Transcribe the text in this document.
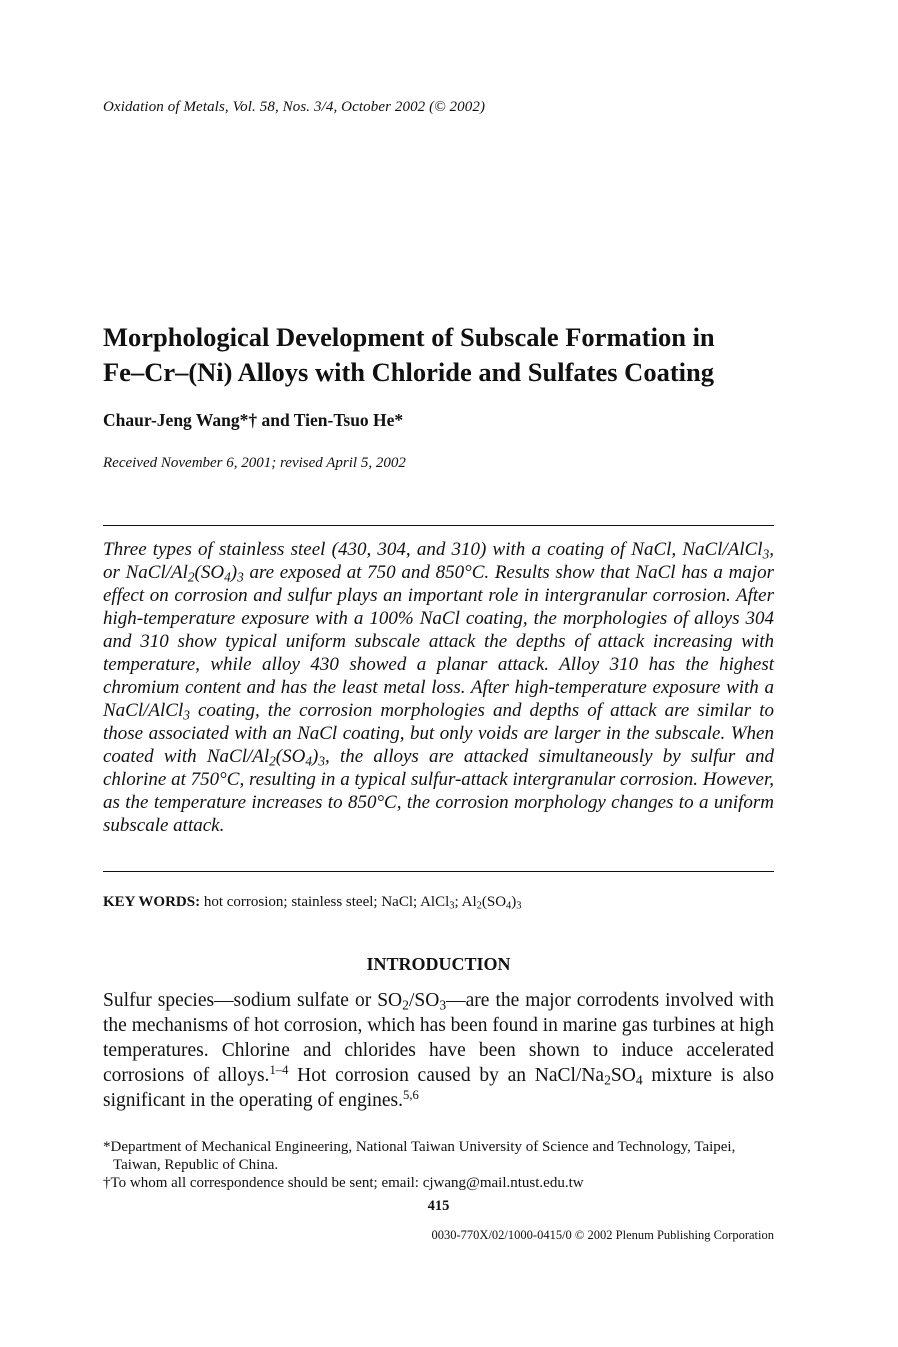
Oxidation of Metals, Vol. 58, Nos. 3/4, October 2002 (© 2002)
Morphological Development of Subscale Formation in
Fe–Cr–(Ni) Alloys with Chloride and Sulfates Coating
Chaur-Jeng Wang*† and Tien-Tsuo He*
Received November 6, 2001; revised April 5, 2002

Three types of stainless steel (430, 304, and 310) with a coating of NaCl, NaCl/AlCl$_3$, or NaCl/$Al_2(SO_4)_3$ are exposed at 750 and 850°C. Results show that NaCl has a major effect on corrosion and sulfur plays an important role in intergranular corrosion. After high-temperature exposure with a 100% NaCl coating, the morphologies of alloys 304 and 310 show typical uniform subscale attack the depths of attack increasing with temperature, while alloy 430 showed a planar attack. Alloy 310 has the highest chromium content and has the least metal loss. After high-temperature exposure with a NaCl/AlCl$_3$ coating, the corrosion morphologies and depths of attack are similar to those associated with an NaCl coating, but only voids are larger in the subscale. When coated with NaCl/$Al_2(SO_4)_3$, the alloys are attacked simultaneously by sulfur and chlorine at 750°C, resulting in a typical sulfur-attack intergranular corrosion. However, as the temperature increases to 850°C, the corrosion morphology changes to a uniform subscale attack.

KEY WORDS: hot corrosion; stainless steel; NaCl; AlCl$_3$; $Al_2(SO_4)_3$
INTRODUCTION

Sulfur species—sodium sulfate or $SO_2/SO_3—are$ the major corrodents involved with the mechanisms of hot corrosion, which has been found in marine gas turbines at high temperatures. Chlorine and chlorides have been shown to induce accelerated corrosions of alloys.$^{1-4}$ Hot corrosion caused by an NaCl/$Na_2SO_4$ mixture is also significant in the operating of engines.$^{5,6}$

*Department of Mechanical Engineering, National Taiwan University of Science and Technology, Taipei, Taiwan, Republic of China.

†To whom all correspondence should be sent; email: cjwang@mail.ntust.edu.tw

415
0030-770X/02/1000-0415/0 © 2002 Plenum Publishing Corporation
